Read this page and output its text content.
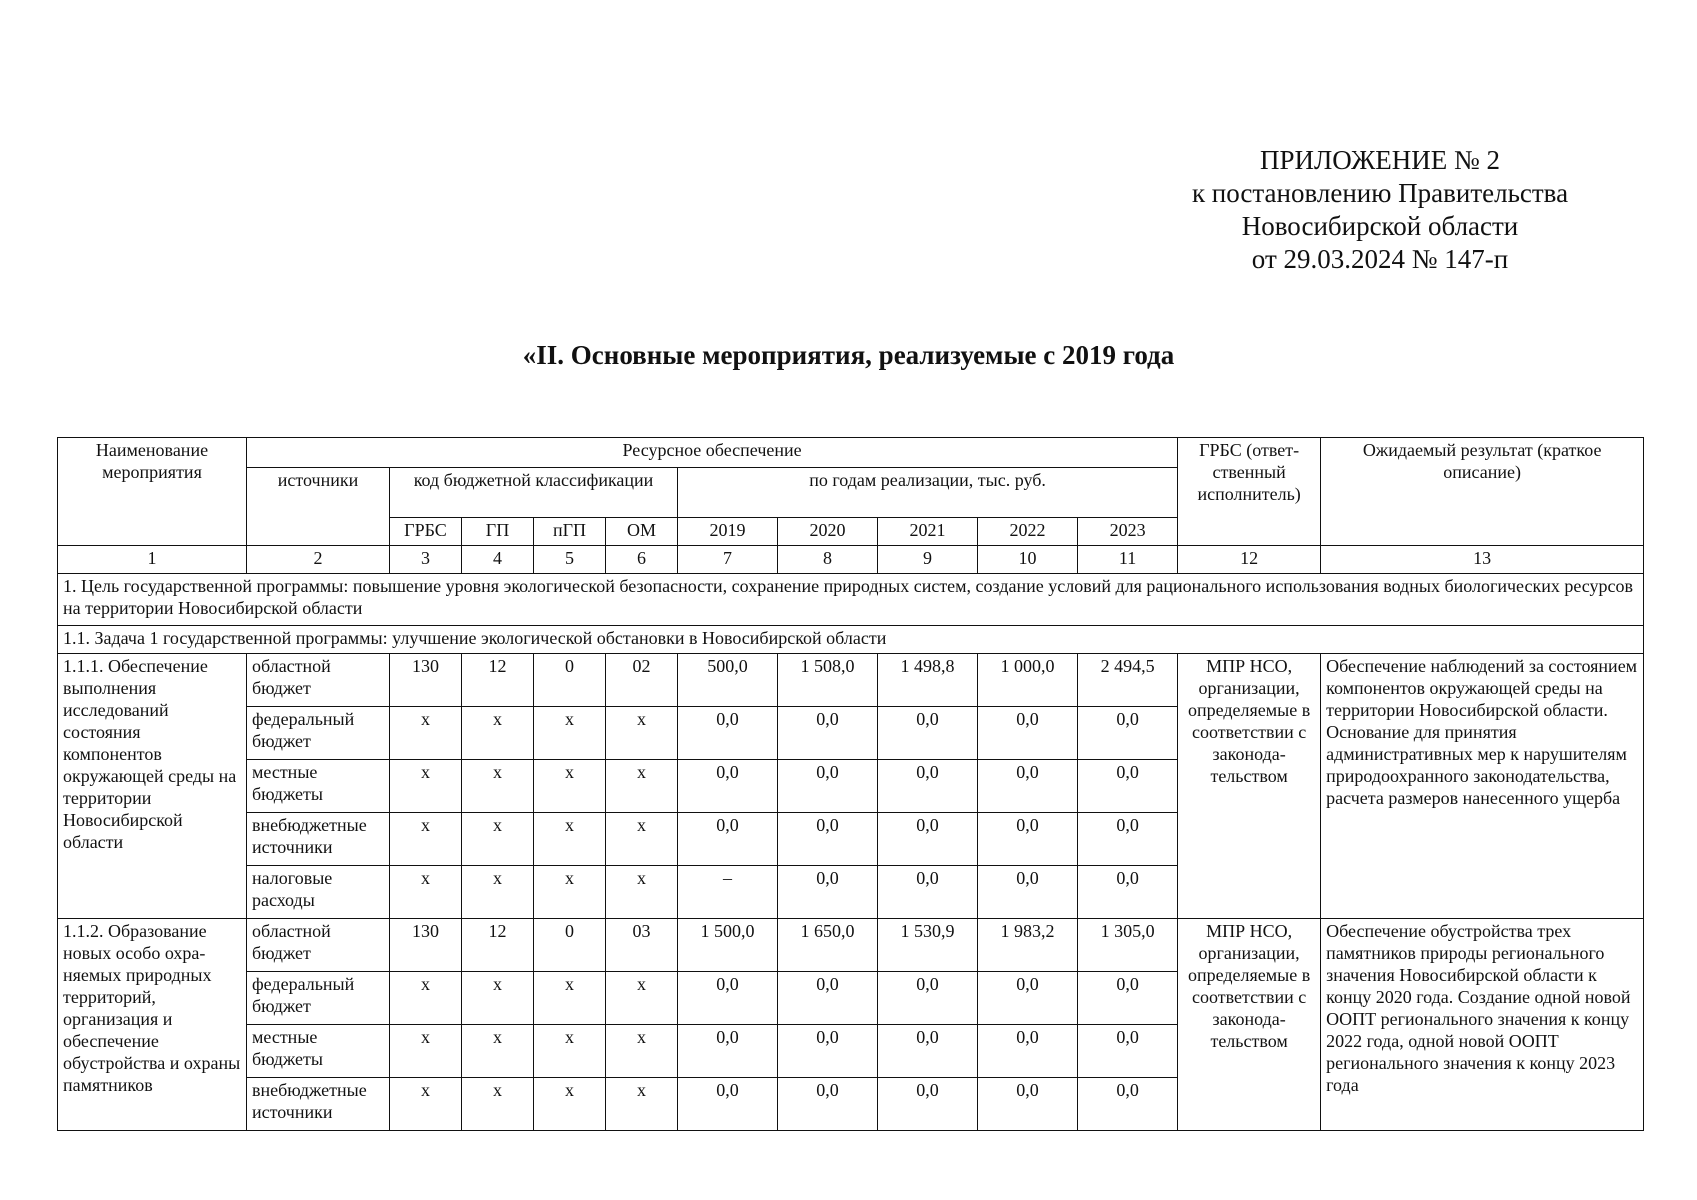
ПРИЛОЖЕНИЕ № 2
к постановлению Правительства
Новосибирской области
от 29.03.2024 № 147-п
«II. Основные мероприятия, реализуемые с 2019 года
Наименование мероприятия	Ресурсное обеспечение										ГРБС (ответ-ственный исполнитель)	Ожидаемый результат (краткое описание)
	источники	код бюджетной классификации				по годам реализации, тыс. руб.						
		ГРБС	ГП	пГП	ОМ	2019	2020	2021	2022	2023		
1	2	3	4	5	6	7	8	9	10	11	12	13
1. Цель государственной программы: повышение уровня экологической безопасности, сохранение природных систем, создание условий для рационального использования водных биологических ресурсов на территории Новосибирской области												
1.1. Задача 1 государственной программы: улучшение экологической обстановки в Новосибирской области												
1.1.1. Обеспечение выполнения исследований состояния компонентов окружающей среды на территории Новосибирской области	областной бюджет	130	12	0	02	500,0	1 508,0	1 498,8	1 000,0	2 494,5	МПР НСО, организации, определяемые в соответствии с законода-тельством	Обеспечение наблюдений за состоянием компонентов окружающей среды на территории Новосибирской области. Основание для принятия административных мер к нарушителям природоохранного законодательства, расчета размеров нанесенного ущерба
	федеральный бюджет	х	х	х	х	0,0	0,0	0,0	0,0	0,0		
	местные бюджеты	х	х	х	х	0,0	0,0	0,0	0,0	0,0		
	внебюджетные источники	х	х	х	х	0,0	0,0	0,0	0,0	0,0		
	налоговые расходы	х	х	х	х	–	0,0	0,0	0,0	0,0		
1.1.2. Образование новых особо охра-няемых природных территорий, организация и обеспечение обустройства и охраны памятников	областной бюджет	130	12	0	03	1 500,0	1 650,0	1 530,9	1 983,2	1 305,0	МПР НСО, организации, определяемые в соответствии с законода-тельством	Обеспечение обустройства трех памятников природы регионального значения Новосибирской области к концу 2020 года. Создание одной новой ООПТ регионального значения к концу 2022 года, одной новой ООПТ регионального значения к концу 2023 года
	федеральный бюджет	х	х	х	х	0,0	0,0	0,0	0,0	0,0		
	местные бюджеты	х	х	х	х	0,0	0,0	0,0	0,0	0,0		
	внебюджетные источники	х	х	х	х	0,0	0,0	0,0	0,0	0,0		
